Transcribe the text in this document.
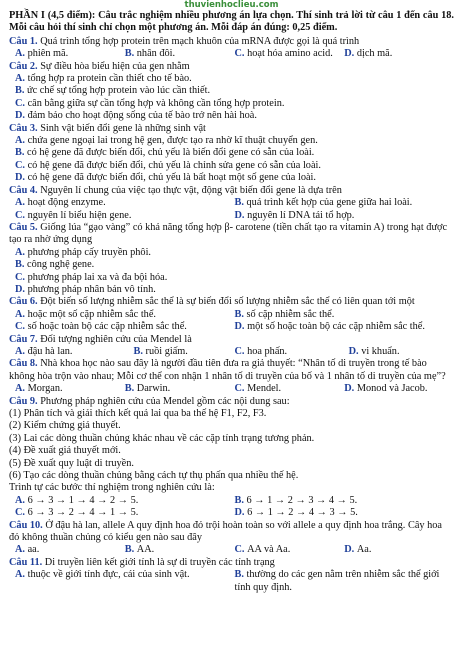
thuvienhoclieu.com
PHẦN I (4,5 điểm): Câu trắc nghiệm nhiều phương án lựa chọn. Thí sinh trả lời từ câu 1 đến câu 18. Mỗi câu hỏi thí sinh chỉ chọn một phương án. Mỗi đáp án đúng: 0,25 điểm.
Câu 1. Quá trình tổng hợp protein trên mạch khuôn của mRNA được gọi là quá trình
A. phiên mã.	B. nhân đôi.	C. hoạt hóa amino acid.	D. dịch mã.
Câu 2. Sự điều hòa biểu hiện của gen nhằm
A. tổng hợp ra protein cần thiết cho tế bào.
B. ức chế sự tổng hợp protein vào lúc cần thiết.
C. cân bằng giữa sự cần tổng hợp và không cần tổng hợp protein.
D. đảm bảo cho hoạt động sống của tế bào trở nên hài hoà.
Câu 3. Sinh vật biến đổi gene là những sinh vật
A. chứa gene ngoại lai trong hệ gen, được tạo ra nhờ kĩ thuật chuyển gen.
B. có hệ gene đã được biến đổi, chủ yếu là biến đổi gene có sẵn của loài.
C. có hệ gene đã được biến đổi, chủ yếu là chỉnh sửa gene có sẵn của loài.
D. có hệ gene đã được biến đổi, chủ yếu là bất hoạt một số gene của loài.
Câu 4. Nguyên lí chung của việc tạo thực vật, động vật biến đổi gene là dựa trên
A. hoạt động enzyme.	B. quá trình kết hợp của gene giữa hai loài.
C. nguyên lí biểu hiện gene.	D. nguyên lí DNA tái tổ hợp.
Câu 5. Giống lúa “gạo vàng” có khả năng tổng hợp β- carotene (tiền chất tạo ra vitamin A) trong hạt được tạo ra nhờ ứng dụng
A. phương pháp cấy truyền phôi.
B. công nghệ gene.
C. phương pháp lai xa và đa bội hóa.
D. phương pháp nhân bản vô tính.
Câu 6. Đột biến số lượng nhiễm sắc thể là sự biến đổi số lượng nhiễm sắc thể có liên quan tới một
A. hoặc một số cặp nhiễm sắc thể.	B. số cặp nhiễm sắc thể.
C. số hoặc toàn bộ các cặp nhiễm sắc thể.	D. một số hoặc toàn bộ các cặp nhiễm sắc thể.
Câu 7. Đối tượng nghiên cứu của Mendel là
A. đậu hà lan.	B. ruồi giấm.	C. hoa phấn.	D. vi khuẩn.
Câu 8. Nhà khoa học nào sau đây là người đầu tiên đưa ra giả thuyết: “Nhân tố di truyền trong tế bào không hòa trộn vào nhau; Mỗi cơ thể con nhận 1 nhân tố di truyền của bố và 1 nhân tố di truyền của mẹ”?
A. Morgan.	B. Darwin.	C. Mendel.	D. Monod và Jacob.
Câu 9. Phương pháp nghiên cứu của Mendel gồm các nội dung sau:
(1) Phân tích và giải thích kết quả lai qua ba thế hệ F1, F2, F3.
(2) Kiểm chứng giả thuyết.
(3) Lai các dòng thuần chủng khác nhau về các cặp tính trạng tương phản.
(4) Đề xuất giả thuyết mới.
(5) Đề xuất quy luật di truyền.
(6) Tạo các dòng thuần chủng bằng cách tự thụ phấn qua nhiều thế hệ.
Trình tự các bước thí nghiệm trong nghiên cứu là:
A. 6 → 3 → 1 → 4 → 2 → 5.	B. 6 → 1 → 2 → 3 → 4 → 5.
C. 6 → 3 → 2 → 4 → 1 → 5.	D. 6 → 1 → 2 → 4 → 3 → 5.
Câu 10. Ở đậu hà lan, allele A quy định hoa đỏ trội hoàn toàn so với allele a quy định hoa trắng. Cây hoa đỏ không thuần chủng có kiểu gen nào sau đây
A. aa.	B. AA.	C. AA và Aa.	D. Aa.
Câu 11. Di truyền liên kết giới tính là sự di truyền các tính trạng
A. thuộc về giới tính đực, cái của sinh vật.	B. thường do các gen nằm trên nhiễm sắc thể giới tính quy định.
